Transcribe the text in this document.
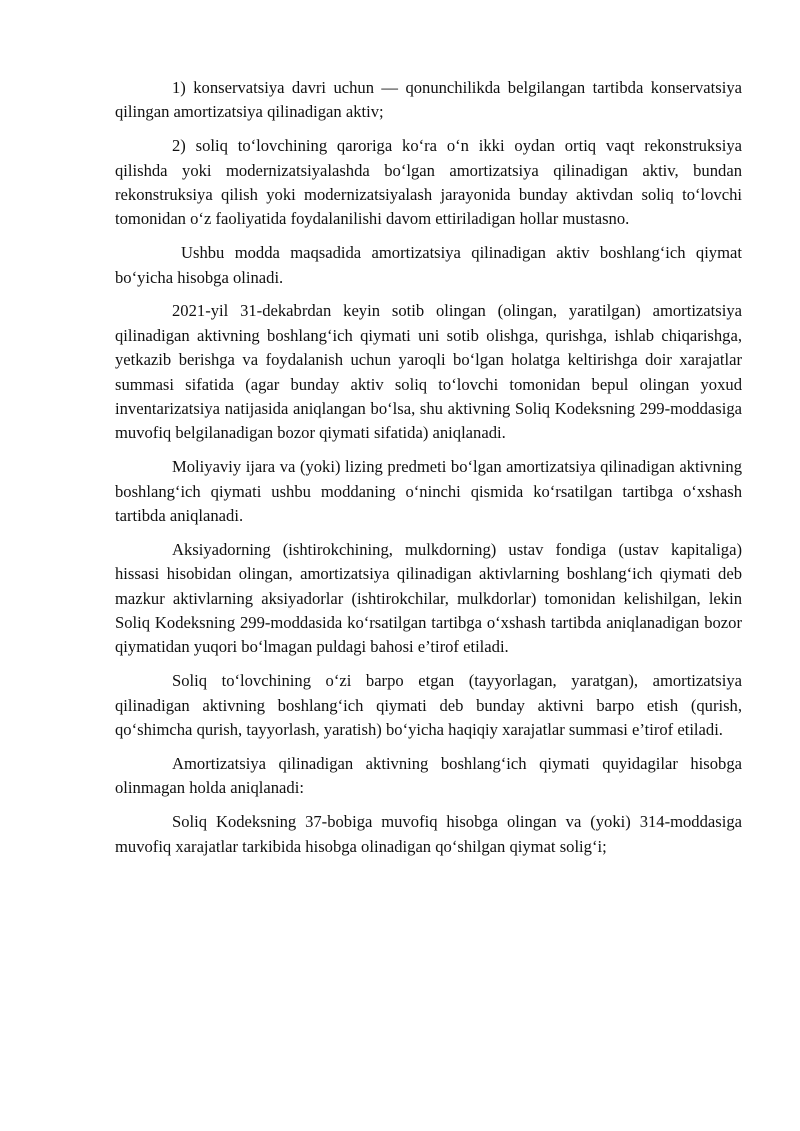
1) konservatsiya davri uchun — qonunchilikda belgilangan tartibda konservatsiya qilingan amortizatsiya qilinadigan aktiv;

2) soliq to‘lovchining qaroriga ko‘ra o‘n ikki oydan ortiq vaqt rekonstruksiya qilishda yoki modernizatsiyalashda bo‘lgan amortizatsiya qilinadigan aktiv, bundan rekonstruksiya qilish yoki modernizatsiyalash jarayonida bunday aktivdan soliq to‘lovchi tomonidan o‘z faoliyatida foydalanilishi davom ettiriladigan hollar mustasno.

Ushbu modda maqsadida amortizatsiya qilinadigan aktiv boshlang‘ich qiymat bo‘yicha hisobga olinadi.

2021-yil 31-dekabrdan keyin sotib olingan (olingan, yaratilgan) amortizatsiya qilinadigan aktivning boshlang‘ich qiymati uni sotib olishga, qurishga, ishlab chiqarishga, yetkazib berishga va foydalanish uchun yaroqli bo‘lgan holatga keltirishga doir xarajatlar summasi sifatida (agar bunday aktiv soliq to‘lovchi tomonidan bepul olingan yoxud inventarizatsiya natijasida aniqlangan bo‘lsa, shu aktivning Soliq Kodeksning 299-moddasiga muvofiq belgilanadigan bozor qiymati sifatida) aniqlanadi.

Moliyaviy ijara va (yoki) lizing predmeti bo‘lgan amortizatsiya qilinadigan aktivning boshlang‘ich qiymati ushbu moddaning o‘ninchi qismida ko‘rsatilgan tartibga o‘xshash tartibda aniqlanadi.

Aksiyadorning (ishtirokchining, mulkdorning) ustav fondiga (ustav kapitaliga) hissasi hisobidan olingan, amortizatsiya qilinadigan aktivlarning boshlang‘ich qiymati deb mazkur aktivlarning aksiyadorlar (ishtirokchilar, mulkdorlar) tomonidan kelishilgan, lekin Soliq Kodeksning 299-moddasida ko‘rsatilgan tartibga o‘xshash tartibda aniqlanadigan bozor qiymatidan yuqori bo‘lmagan puldagi bahosi e’tirof etiladi.

Soliq to‘lovchining o‘zi barpo etgan (tayyorlagan, yaratgan), amortizatsiya qilinadigan aktivning boshlang‘ich qiymati deb bunday aktivni barpo etish (qurish, qo‘shimcha qurish, tayyorlash, yaratish) bo‘yicha haqiqiy xarajatlar summasi e’tirof etiladi.

Amortizatsiya qilinadigan aktivning boshlang‘ich qiymati quyidagilar hisobga olinmagan holda aniqlanadi:

Soliq Kodeksning 37-bobiga muvofiq hisobga olingan va (yoki) 314-moddasiga muvofiq xarajatlar tarkibida hisobga olinadigan qo‘shilgan qiymat solig‘i;
